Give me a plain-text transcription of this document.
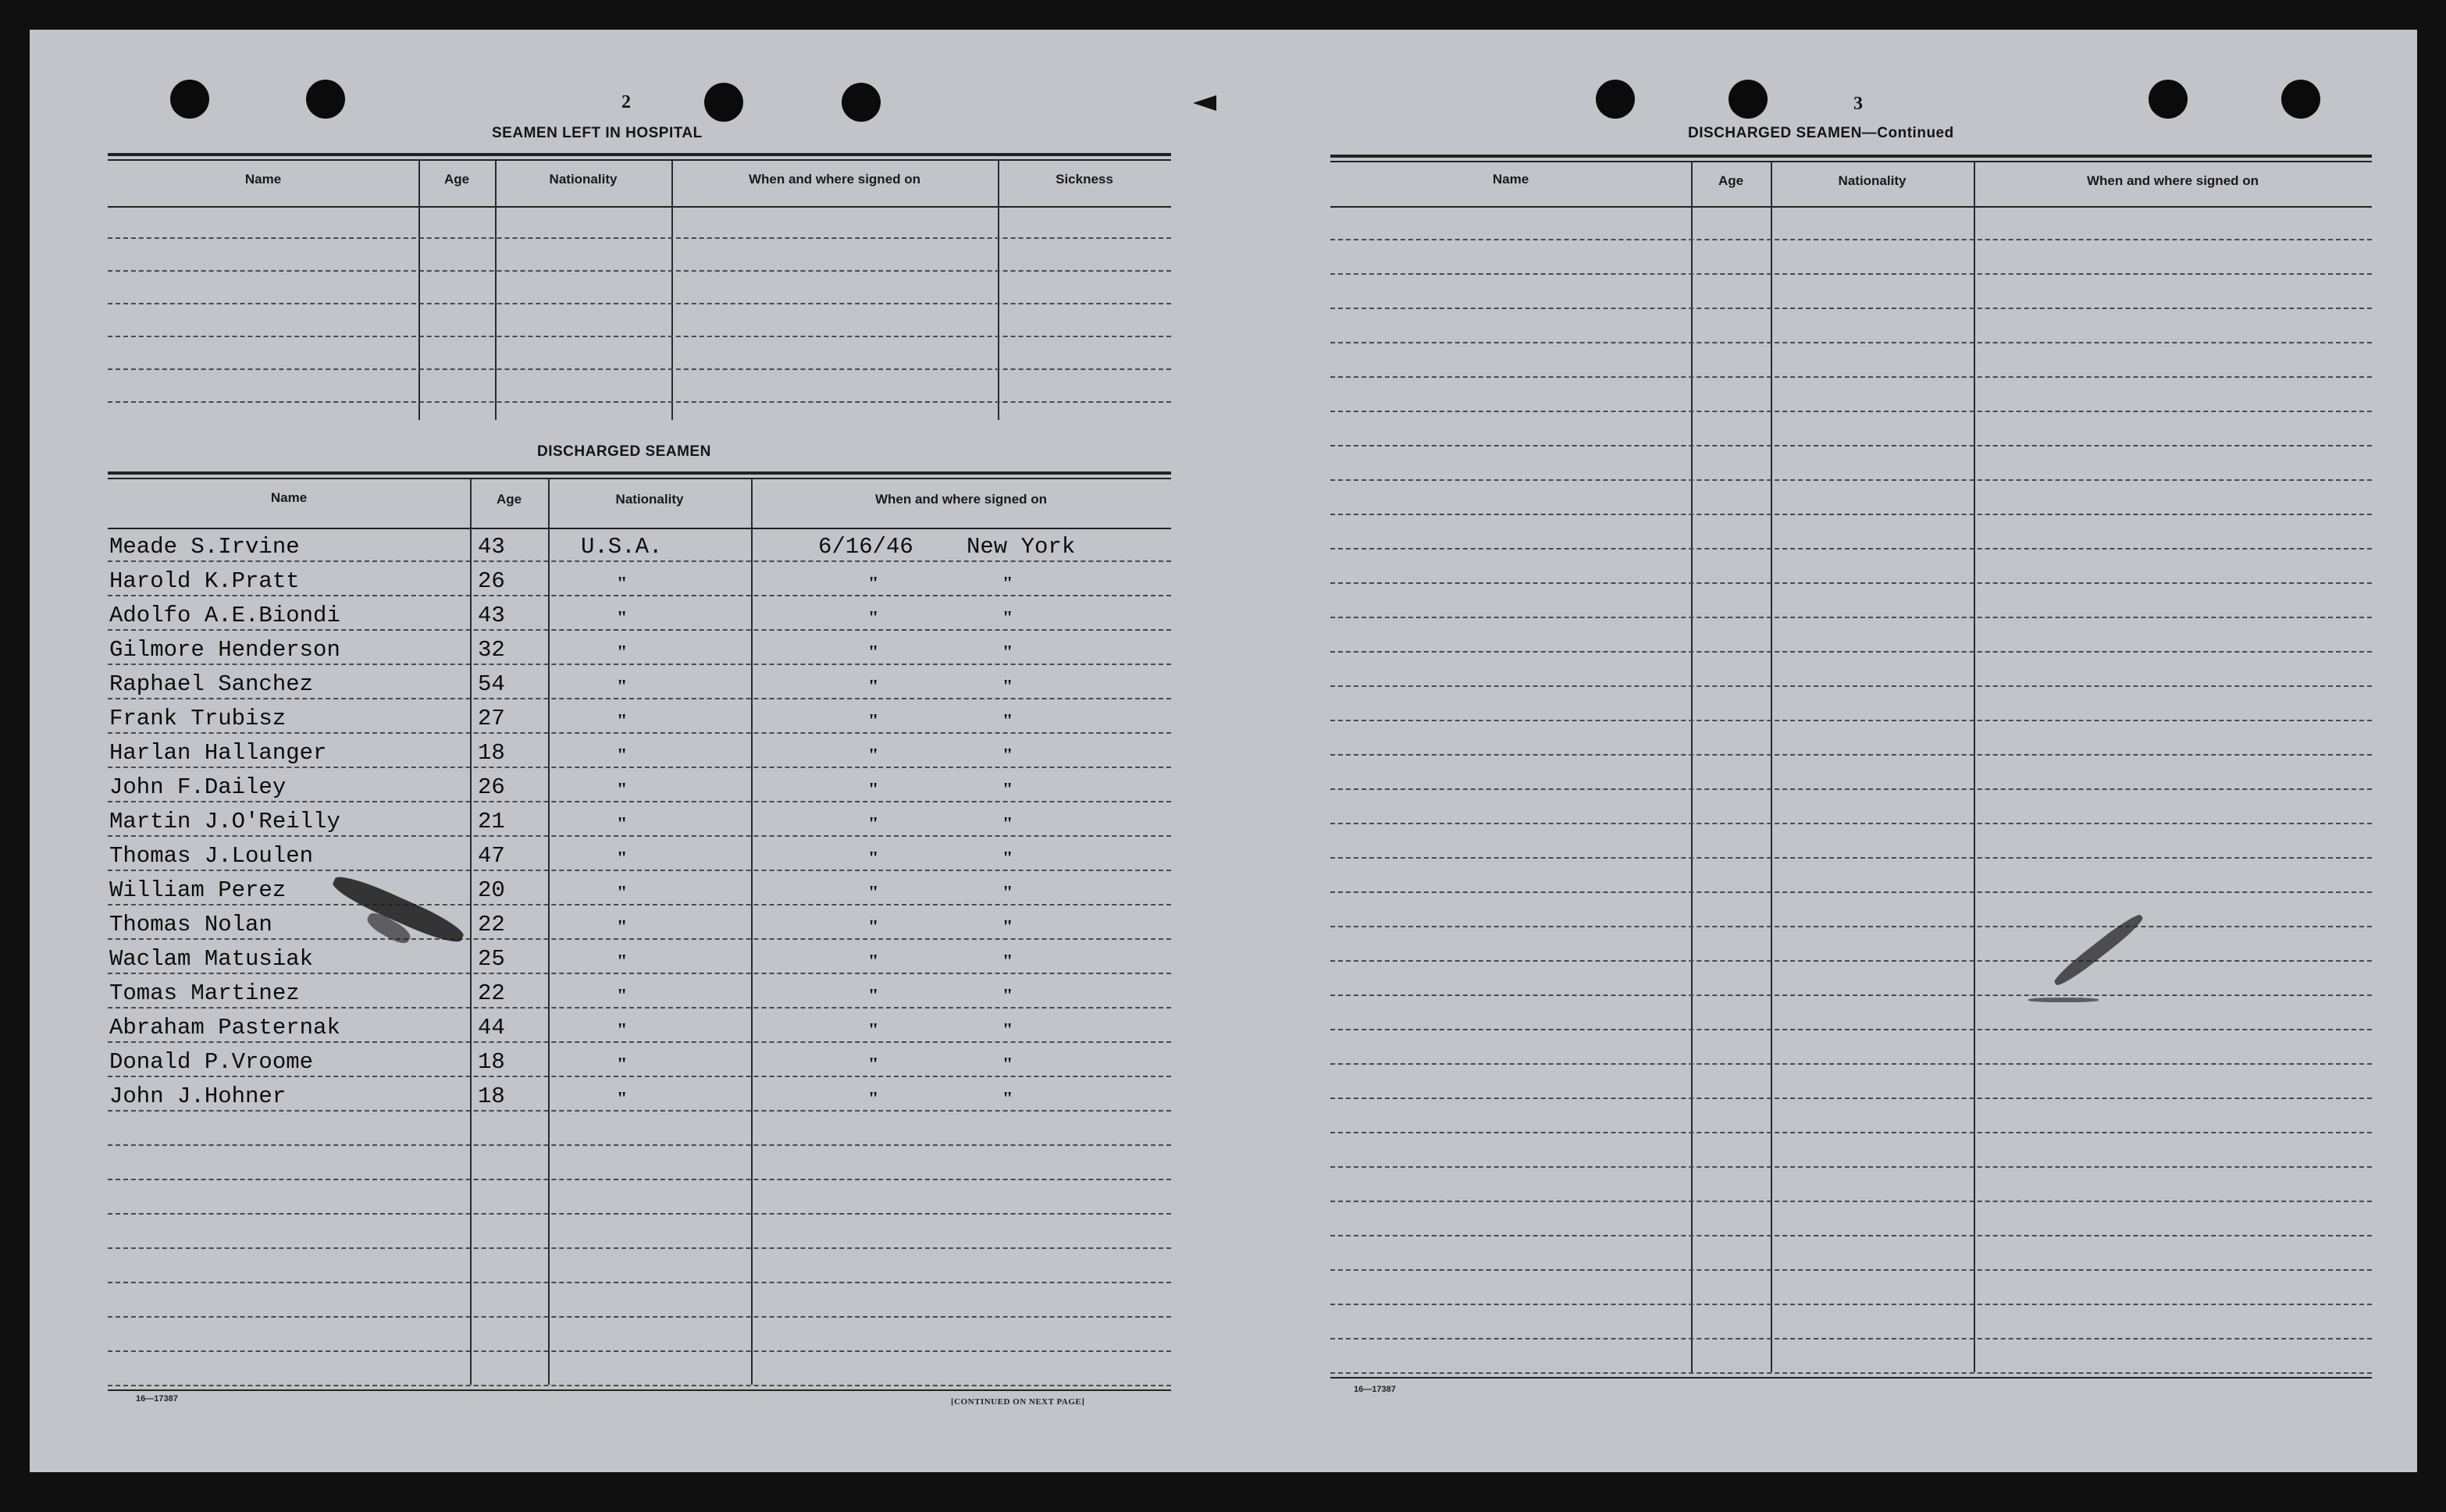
2
SEAMEN LEFT IN HOSPITAL
Name	Age	Nationality	When and where signed on	Sickness
DISCHARGED SEAMEN
Name	Age	Nationality	When and where signed on
Meade S.Irvine	43	U.S.A.	6/16/46 New York
Harold K.Pratt	26	"	"	"
Adolfo A.E.Biondi	43	"	"	"
Gilmore Henderson	32	"	"	"
Raphael Sanchez	54	"	"	"
Frank Trubisz	27	"	"	"
Harlan Hallanger	18	"	"	"
John F.Dailey	26	"	"	"
Martin J.O'Reilly	21	"	"	"
Thomas J.Loulen	47	"	"	"
William Perez	20	"	"	"
Thomas Nolan	22	"	"	"
Waclam Matusiak	25	"	"	"
Tomas Martinez	22	"	"	"
Abraham Pasternak	44	"	"	"
Donald P.Vroome	18	"	"	"
John J.Hohner	18	"	"	"
16—17387	[CONTINUED ON NEXT PAGE]
3
DISCHARGED SEAMEN—Continued
Name	Age	Nationality	When and where signed on
16—17387
